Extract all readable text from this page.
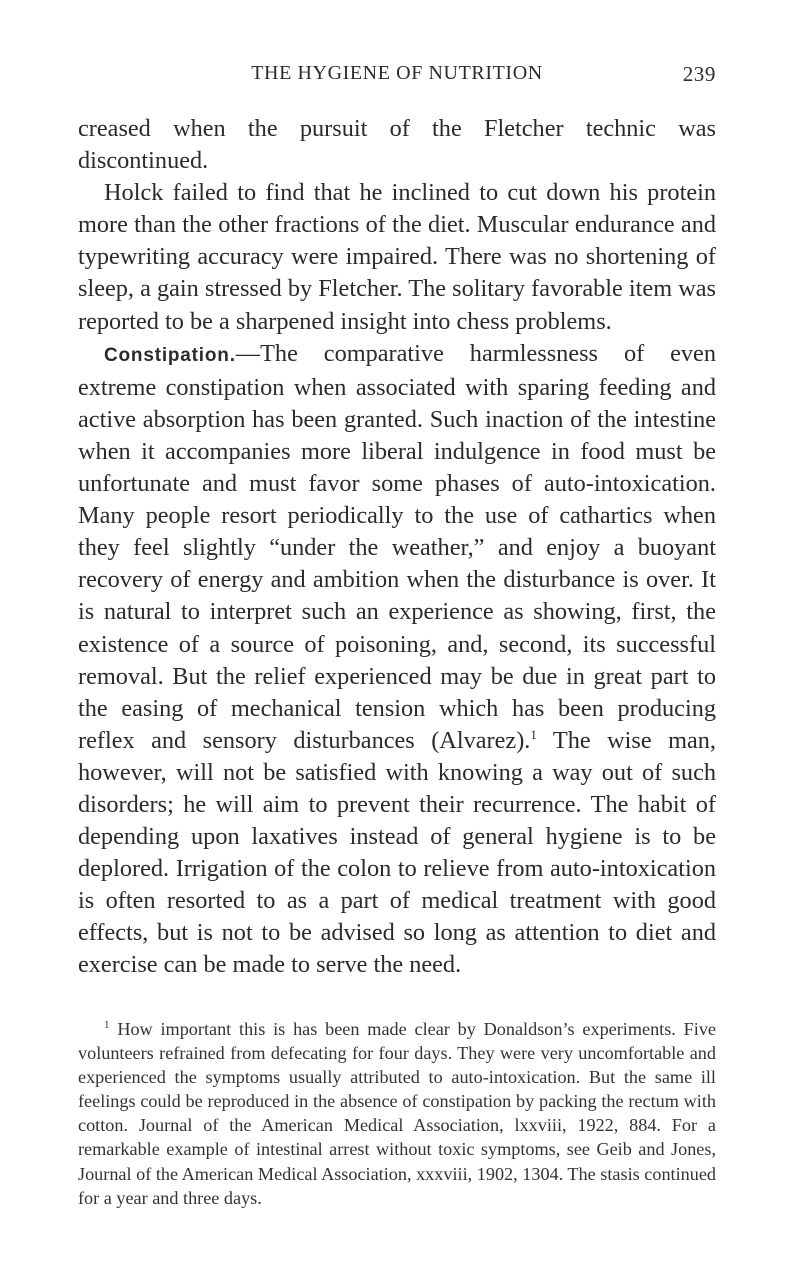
THE HYGIENE OF NUTRITION	239

creased when the pursuit of the Fletcher technic was discontinued.

Holck failed to find that he inclined to cut down his protein more than the other fractions of the diet. Muscular endurance and typewriting accuracy were impaired. There was no shortening of sleep, a gain stressed by Fletcher. The solitary favorable item was reported to be a sharpened insight into chess problems.

Constipation.—The comparative harmlessness of even extreme constipation when associated with sparing feeding and active absorption has been granted. Such inaction of the intestine when it accompanies more liberal indulgence in food must be unfortunate and must favor some phases of auto-intoxication. Many people resort periodically to the use of cathartics when they feel slightly “under the weather,” and enjoy a buoyant recovery of energy and ambition when the disturbance is over. It is natural to interpret such an experience as showing, first, the existence of a source of poisoning, and, second, its successful removal. But the relief experienced may be due in great part to the easing of mechanical tension which has been producing reflex and sensory disturbances (Alvarez).$^1$ The wise man, however, will not be satisfied with knowing a way out of such disorders; he will aim to prevent their recurrence. The habit of depending upon laxatives instead of general hygiene is to be deplored. Irrigation of the colon to relieve from auto-intoxication is often resorted to as a part of medical treatment with good effects, but is not to be advised so long as attention to diet and exercise can be made to serve the need.

$^1$ How important this is has been made clear by Donaldson’s experiments. Five volunteers refrained from defecating for four days. They were very uncomfortable and experienced the symptoms usually attributed to auto-intoxication. But the same ill feelings could be reproduced in the absence of constipation by packing the rectum with cotton. Journal of the American Medical Association, lxxviii, 1922, 884. For a remarkable example of intestinal arrest without toxic symptoms, see Geib and Jones, Journal of the American Medical Association, xxxviii, 1902, 1304. The stasis continued for a year and three days.
